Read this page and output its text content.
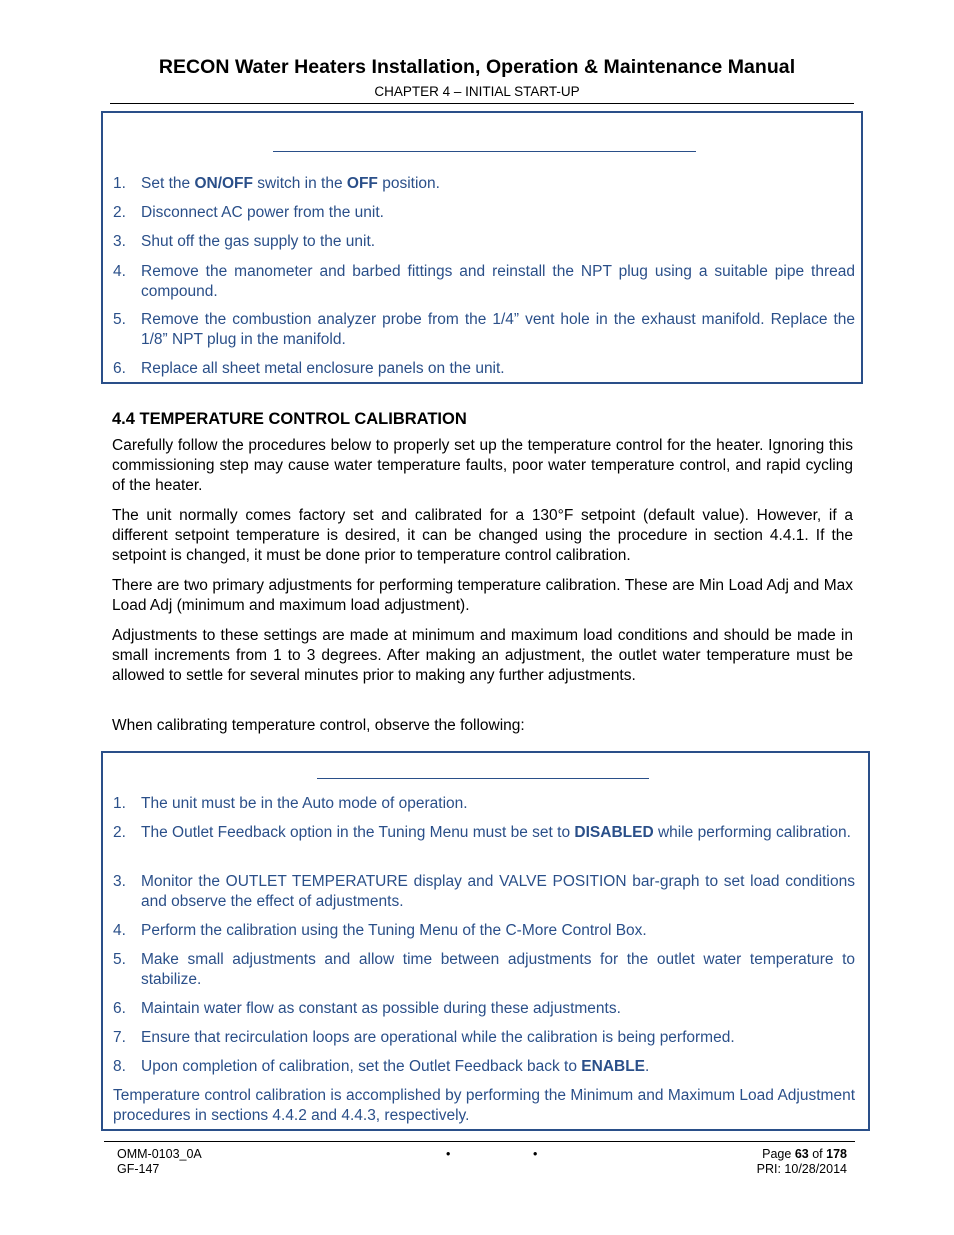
RECON Water Heaters Installation, Operation & Maintenance Manual
CHAPTER 4 – INITIAL START-UP
1. Set the ON/OFF switch in the OFF position.
2. Disconnect AC power from the unit.
3. Shut off the gas supply to the unit.
4. Remove the manometer and barbed fittings and reinstall the NPT plug using a suitable pipe thread compound.
5. Remove the combustion analyzer probe from the 1/4” vent hole in the exhaust manifold. Replace the 1/8” NPT plug in the manifold.
6. Replace all sheet metal enclosure panels on the unit.
4.4 TEMPERATURE CONTROL CALIBRATION

Carefully follow the procedures below to properly set up the temperature control for the heater. Ignoring this commissioning step may cause water temperature faults, poor water temperature control, and rapid cycling of the heater.

The unit normally comes factory set and calibrated for a 130°F setpoint (default value). However, if a different setpoint temperature is desired, it can be changed using the procedure in section 4.4.1. If the setpoint is changed, it must be done prior to temperature control calibration.

There are two primary adjustments for performing temperature calibration. These are Min Load Adj and Max Load Adj (minimum and maximum load adjustment).

Adjustments to these settings are made at minimum and maximum load conditions and should be made in small increments from 1 to 3 degrees. After making an adjustment, the outlet water temperature must be allowed to settle for several minutes prior to making any further adjustments.

When calibrating temperature control, observe the following:

1. The unit must be in the Auto mode of operation.
2. The Outlet Feedback option in the Tuning Menu must be set to DISABLED while performing calibration.
3. Monitor the OUTLET TEMPERATURE display and VALVE POSITION bar-graph to set load conditions and observe the effect of adjustments.
4. Perform the calibration using the Tuning Menu of the C-More Control Box.
5. Make small adjustments and allow time between adjustments for the outlet water temperature to stabilize.
6. Maintain water flow as constant as possible during these adjustments.
7. Ensure that recirculation loops are operational while the calibration is being performed.
8. Upon completion of calibration, set the Outlet Feedback back to ENABLE.
Temperature control calibration is accomplished by performing the Minimum and Maximum Load Adjustment procedures in sections 4.4.2 and 4.4.3, respectively.
OMM-0103_0A
GF-147
•	•	Page 63 of 178
PRI: 10/28/2014
